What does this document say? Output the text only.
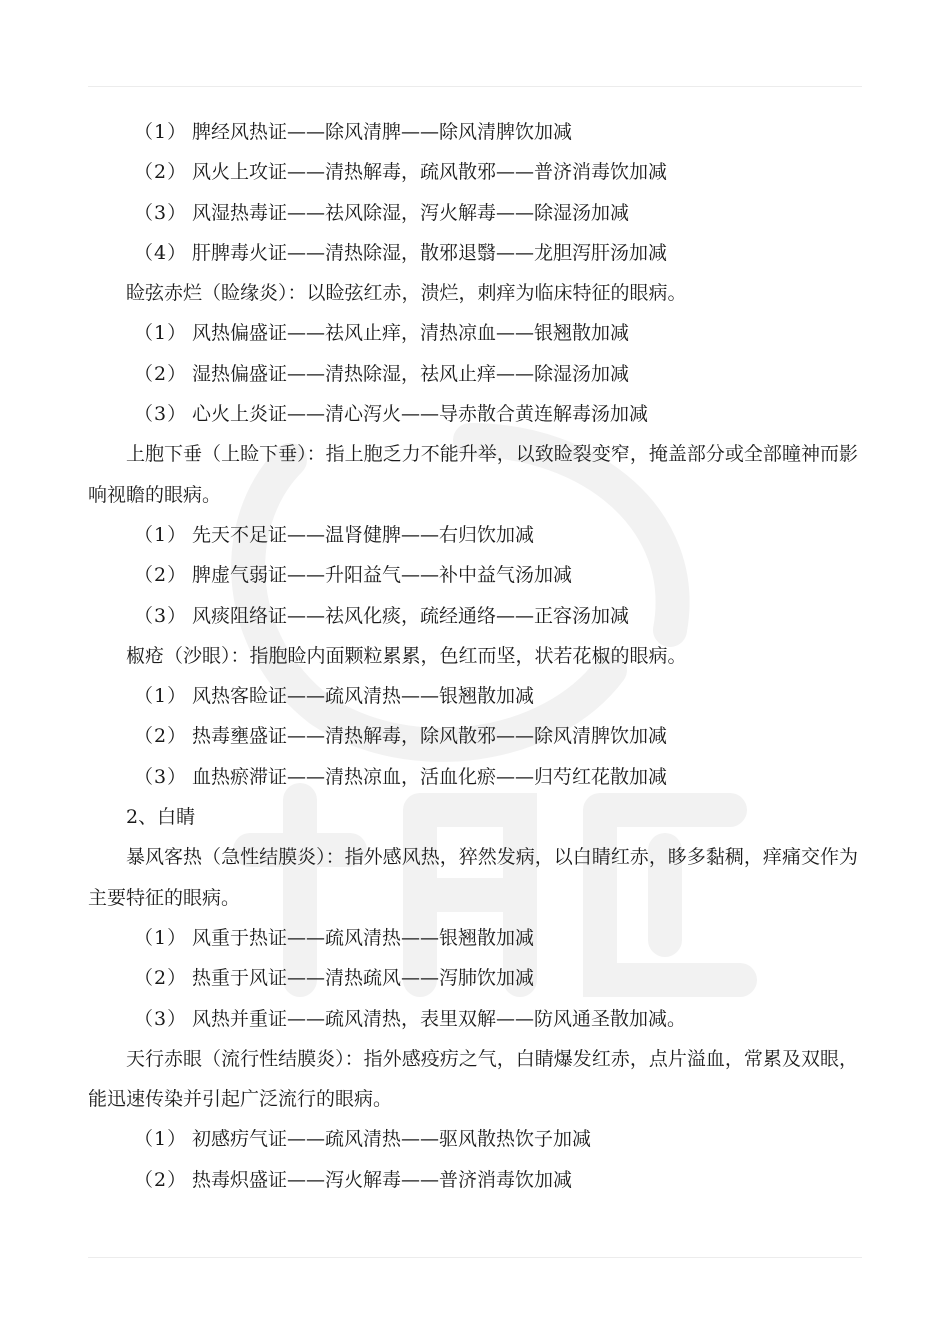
（1） 脾经风热证——除风清脾——除风清脾饮加减
（2） 风火上攻证——清热解毒，疏风散邪——普济消毒饮加减
（3） 风湿热毒证——祛风除湿，泻火解毒——除湿汤加减
（4） 肝脾毒火证——清热除湿，散邪退翳——龙胆泻肝汤加减
睑弦赤烂（睑缘炎）：以睑弦红赤，溃烂，刺痒为临床特征的眼病。
（1） 风热偏盛证——祛风止痒，清热凉血——银翘散加减
（2） 湿热偏盛证——清热除湿，祛风止痒——除湿汤加减
（3） 心火上炎证——清心泻火——导赤散合黄连解毒汤加减
上胞下垂（上睑下垂）：指上胞乏力不能升举，以致睑裂变窄，掩盖部分或全部瞳神而影响视瞻的眼病。
（1） 先天不足证——温肾健脾——右归饮加减
（2） 脾虚气弱证——升阳益气——补中益气汤加减
（3） 风痰阻络证——祛风化痰，疏经通络——正容汤加减
椒疮（沙眼）：指胞睑内面颗粒累累，色红而坚，状若花椒的眼病。
（1） 风热客睑证——疏风清热——银翘散加减
（2） 热毒壅盛证——清热解毒，除风散邪——除风清脾饮加减
（3） 血热瘀滞证——清热凉血，活血化瘀——归芍红花散加减
2、白睛
暴风客热（急性结膜炎）：指外感风热，猝然发病，以白睛红赤，眵多黏稠，痒痛交作为主要特征的眼病。
（1） 风重于热证——疏风清热——银翘散加减
（2） 热重于风证——清热疏风——泻肺饮加减
（3） 风热并重证——疏风清热，表里双解——防风通圣散加减。
天行赤眼（流行性结膜炎）：指外感疫疠之气，白睛爆发红赤，点片溢血，常累及双眼，能迅速传染并引起广泛流行的眼病。
（1） 初感疠气证——疏风清热——驱风散热饮子加减
（2） 热毒炽盛证——泻火解毒——普济消毒饮加减
